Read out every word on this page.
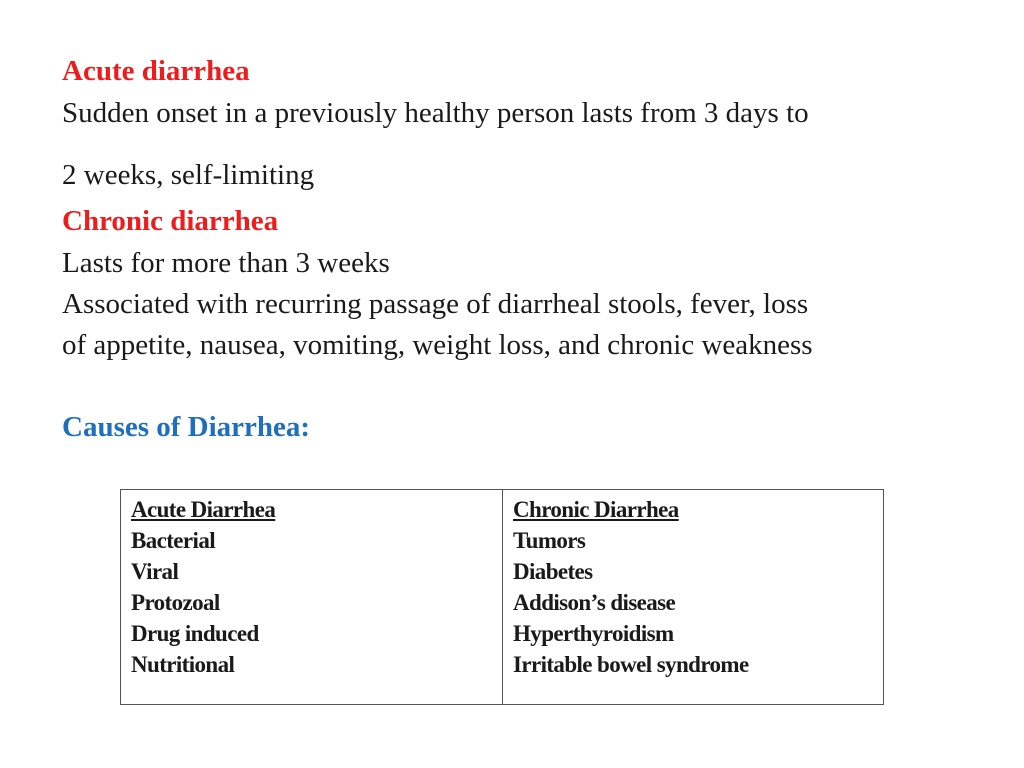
Acute diarrhea
Sudden onset in a previously healthy person lasts from 3 days to
2 weeks, self-limiting
Chronic diarrhea
Lasts for more than 3 weeks
Associated with recurring passage of diarrheal stools, fever, loss
of appetite, nausea, vomiting, weight loss, and chronic weakness
Causes of Diarrhea:
Acute Diarrhea
Bacterial
Viral
Protozoal
Drug induced
Nutritional
Chronic Diarrhea
Tumors
Diabetes
Addison’s disease
Hyperthyroidism
Irritable bowel syndrome
